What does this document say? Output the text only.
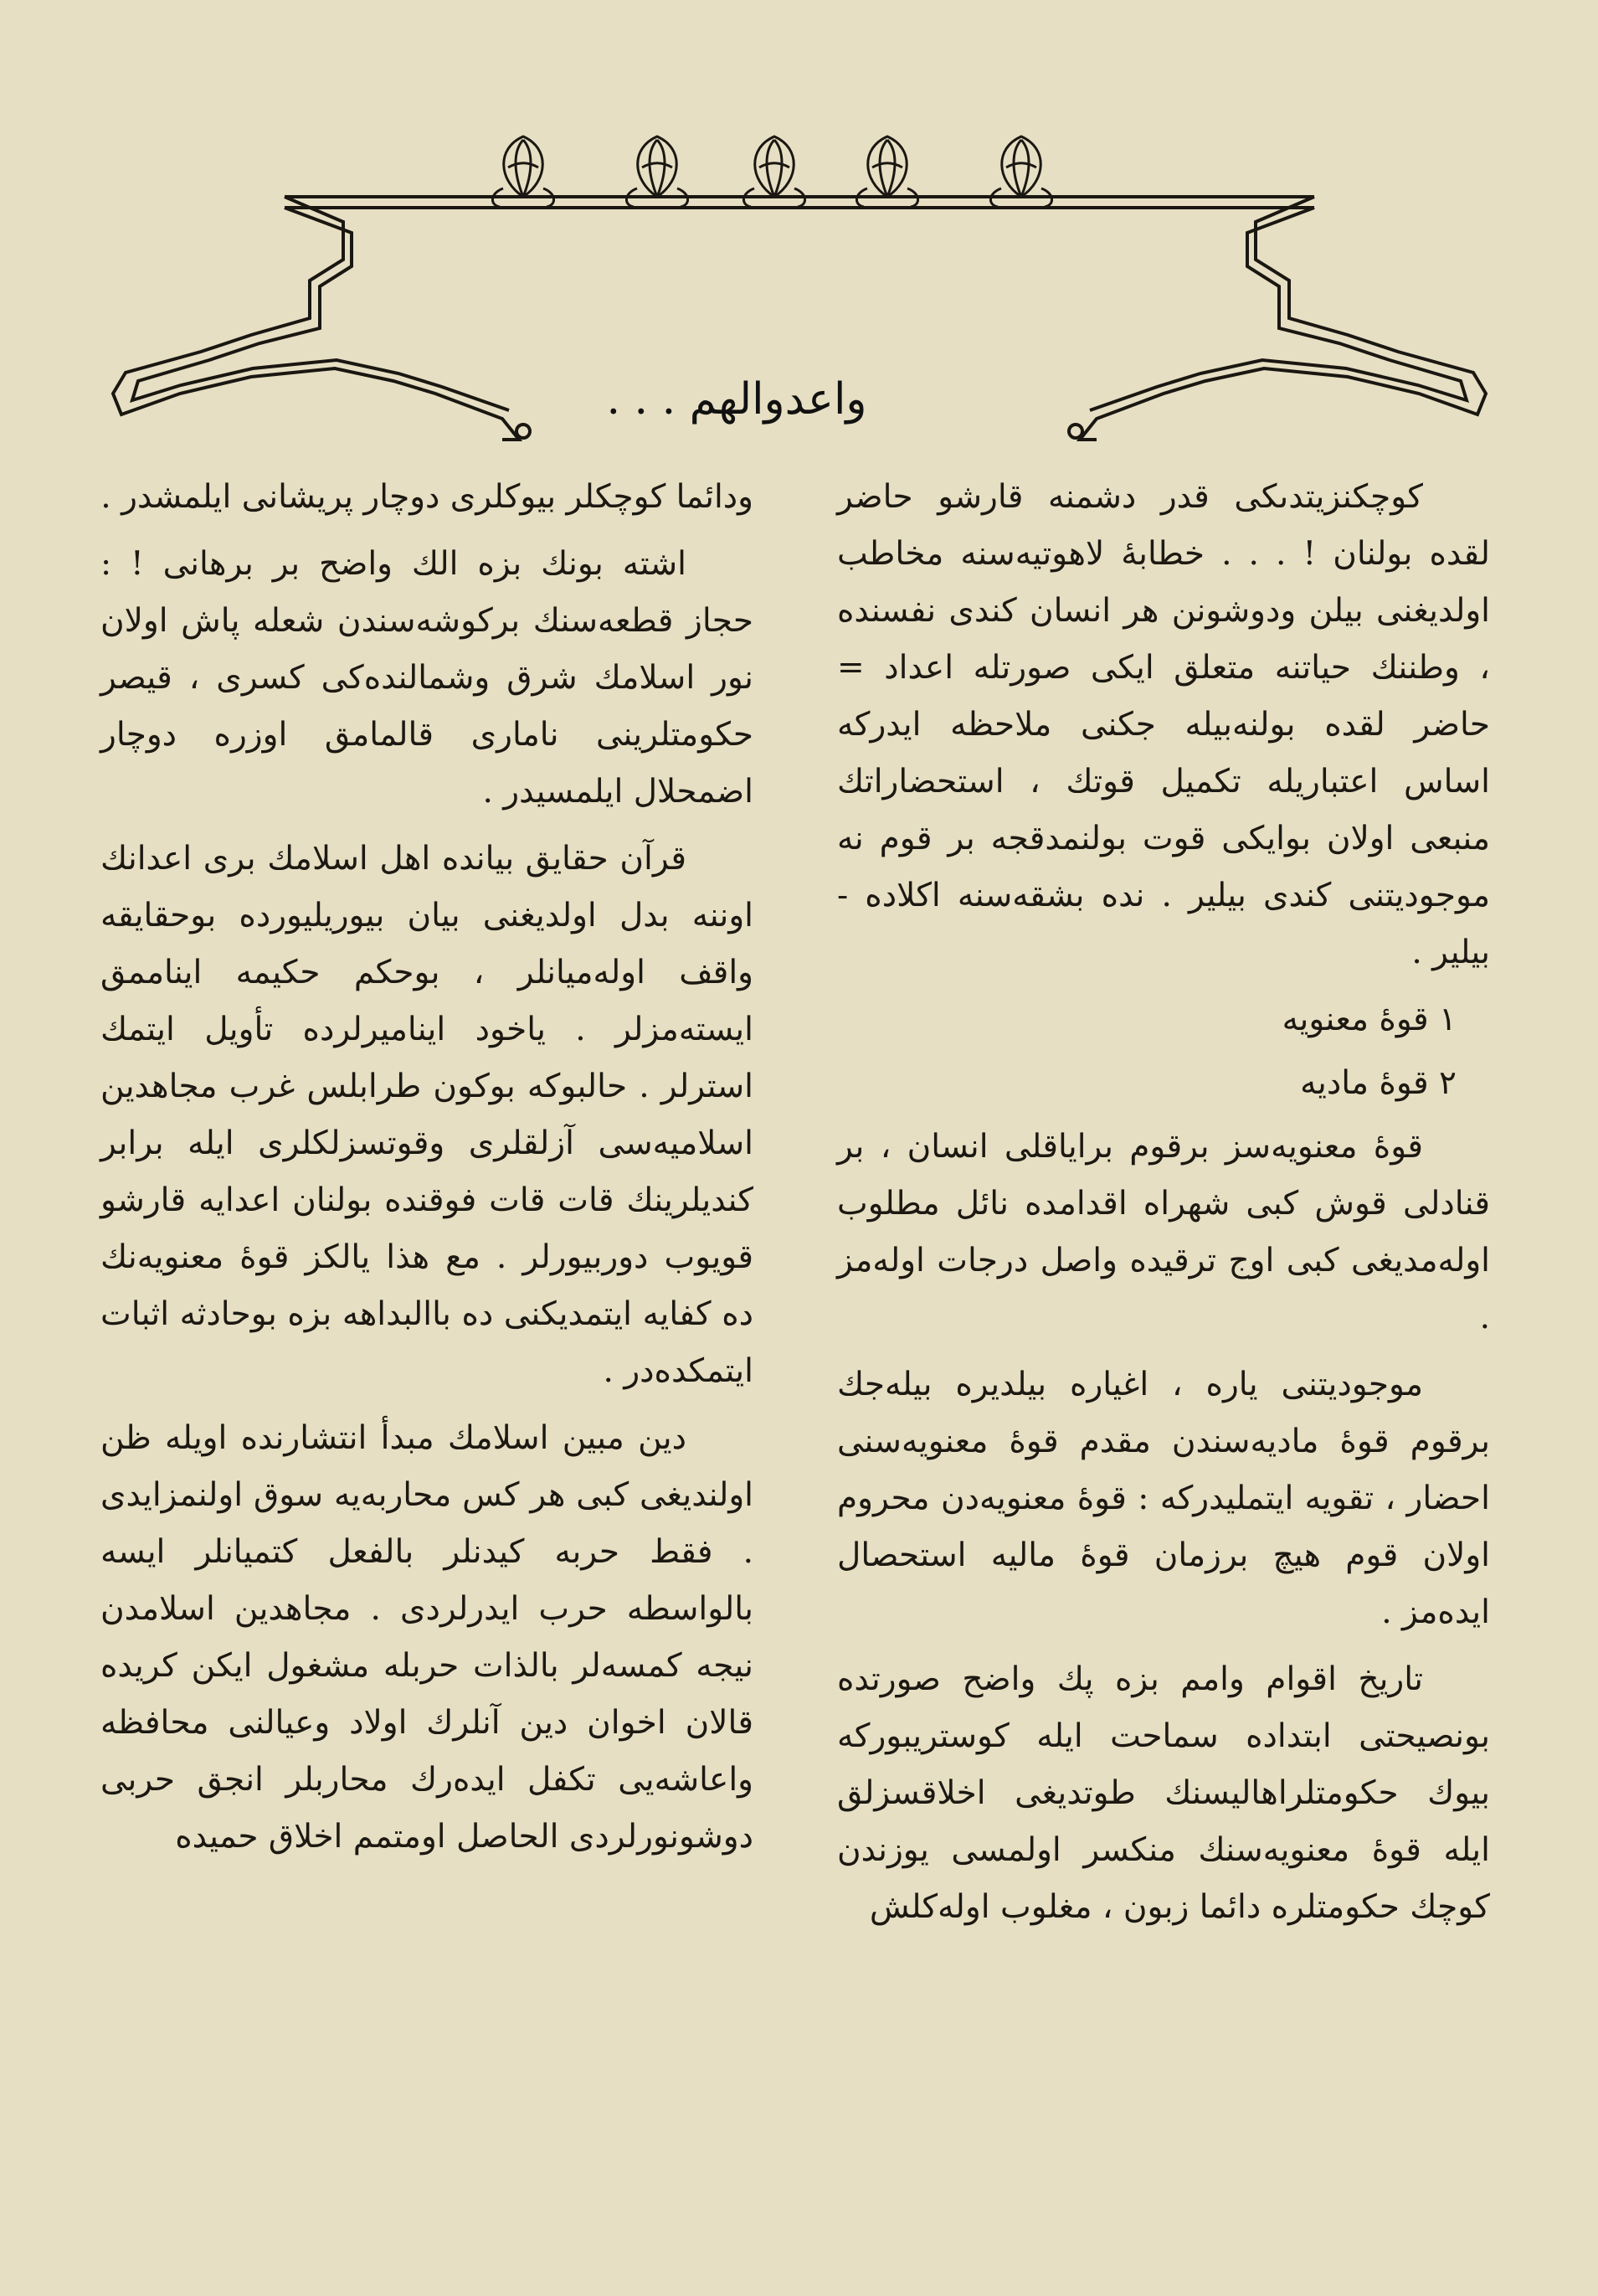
واعدوالهم . . .

كوچكنزيتدىكى قدر دشمنه قارشو حاضر لقده بولنان ! . . . خطابهٔ لاهوتيه‌سنه مخاطب اولديغنى بيلن ودوشونن هر انسان كندى نفسنده ، وطننك حياتنه متعلق ايكى صورتله اعداد = حاضر لقده بولنه‌بيله جكنى ملاحظه ايدركه اساس اعتباريله تكميل قوتك ، استحضاراتك منبعى اولان بوايكى قوت بولنمدقجه بر قوم نه موجوديتنى كندى بيلير . نده بشقه‌سنه اكلاده - بيلير .

١ قوهٔ معنويه

٢ قوهٔ ماديه

قوهٔ معنويه‌سز برقوم براياقلى انسان ، بر قنادلى قوش كبى شهراه اقدامده نائل مطلوب اوله‌مديغى كبى اوج ترقيده واصل درجات اوله‌مز .

موجوديتنى ياره ، اغياره بيلديره بيله‌جك برقوم قوهٔ ماديه‌سندن مقدم قوهٔ معنويه‌سنى احضار ، تقويه ايتمليدركه : قوهٔ معنويه‌دن محروم اولان قوم هيچ برزمان قوهٔ ماليه استحصال ايده‌مز .

تاريخ اقوام وامم بزه پك واضح صورتده بونصيحتى ابتداده سماحت ايله كوستريبوركه بيوك حكومتلراهاليسنك طوتديغى اخلاقسزلق ايله قوهٔ معنويه‌سنك منكسر اولمسى يوزندن كوچك حكومتلره دائما زبون ، مغلوب اوله‌كلش

ودائما كوچكلر بيوكلرى دوچار پريشانى ايلمشدر .

اشته بونك بزه الك واضح بر برهانى ! : حجاز قطعه‌سنك بركوشه‌سندن شعله پاش اولان نور اسلامك شرق وشمالنده‌كى كسرى ، قيصر حكومتلرينى نامارى قالمامق اوزره دوچار اضمحلال ايلمسيدر .

قرآن حقايق بيانده اهل اسلامك برى اعدانك اوننه بدل اولديغنى بيان بيوريليورده بوحقايقه واقف اوله‌ميانلر ، بوحكم حكيمه ايناممق ايسته‌مزلر . ياخود ايناميرلرده تأويل ايتمك استرلر . حالبوكه بوكون طرابلس غرب مجاهدين اسلاميه‌سى آزلقلرى وقوتسزلكلرى ايله برابر كنديلرينك قات قات فوقنده بولنان اعدايه قارشو قويوب دوربيورلر . مع هذا يالكز قوهٔ معنويه‌نك ده كفايه ايتمديكنى ده باالبداهه بزه بوحادثه اثبات ايتمكده‌در .

دين مبين اسلامك مبدأ انتشارنده اويله ظن اولنديغى كبى هر كس محاربه‌يه سوق اولنمزايدى . فقط حربه كيدنلر بالفعل كتميانلر ايسه بالواسطه حرب ايدرلردى . مجاهدين اسلامدن نيجه كمسه‌لر بالذات حربله مشغول ايكن كريده قالان اخوان دين آنلرك اولاد وعيالنى محافظه واعاشه‌يى تكفل ايده‌رك محاربلر انجق حربى دوشونورلردى الحاصل اومتمم اخلاق حميده
